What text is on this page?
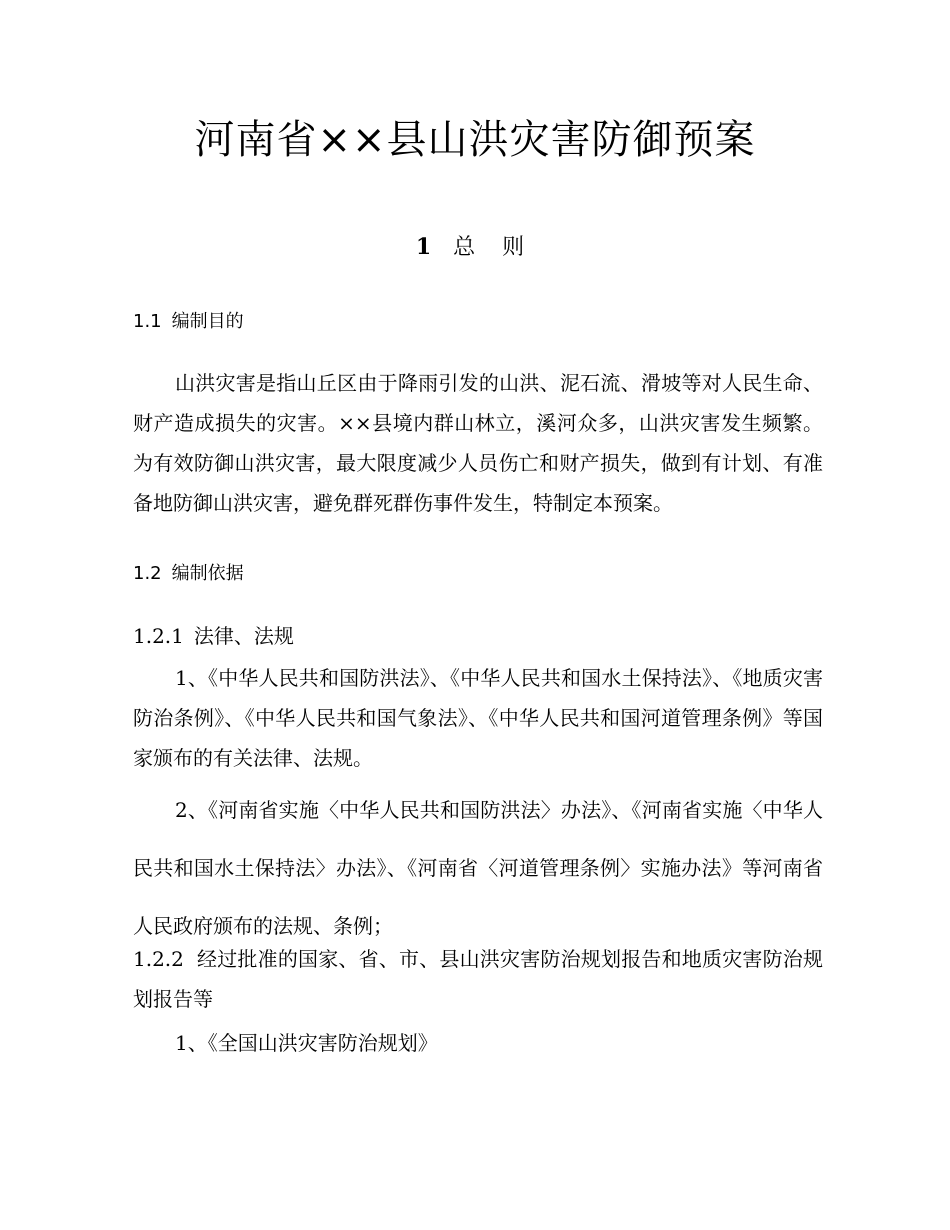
河南省××县山洪灾害防御预案
1 总 则
1.1 编制目的
山洪灾害是指山丘区由于降雨引发的山洪、泥石流、滑坡等对人民生命、财产造成损失的灾害。××县境内群山林立，溪河众多，山洪灾害发生频繁。为有效防御山洪灾害，最大限度减少人员伤亡和财产损失，做到有计划、有准备地防御山洪灾害，避免群死群伤事件发生，特制定本预案。
1.2 编制依据
1.2.1 法律、法规
1、《中华人民共和国防洪法》、《中华人民共和国水土保持法》、《地质灾害防治条例》、《中华人民共和国气象法》、《中华人民共和国河道管理条例》等国家颁布的有关法律、法规。
2、《河南省实施〈中华人民共和国防洪法〉办法》、《河南省实施〈中华人民共和国水土保持法〉办法》、《河南省〈河道管理条例〉实施办法》等河南省人民政府颁布的法规、条例；
1.2.2 经过批准的国家、省、市、县山洪灾害防治规划报告和地质灾害防治规划报告等
1、《全国山洪灾害防治规划》
